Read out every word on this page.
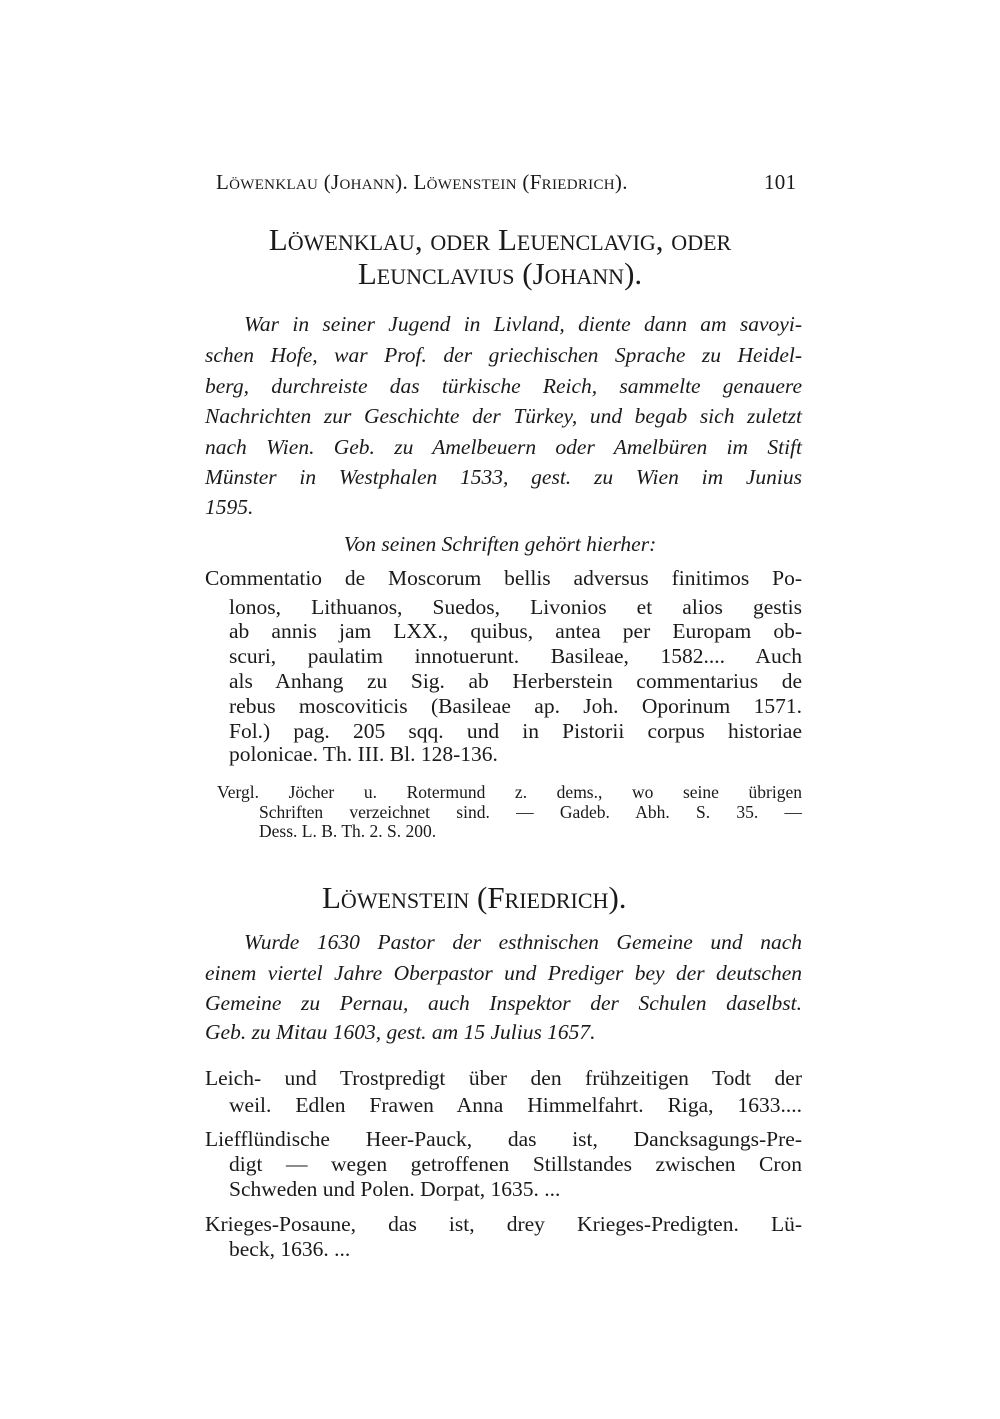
Löwenklau (Johann). Löwenstein (Friedrich).	101
Löwenklau, oder Leuenclavig, oder
Leunclavius (Johann).
War in seiner Jugend in Livland, diente dann am savoyi-
schen Hofe, war Prof. der griechischen Sprache zu Heidel-
berg, durchreiste das türkische Reich, sammelte genauere
Nachrichten zur Geschichte der Türkey, und begab sich zuletzt
nach Wien. Geb. zu Amelbeuern oder Amelbüren im Stift
Münster in Westphalen 1533, gest. zu Wien im Junius
1595.
Von seinen Schriften gehört hierher:
Commentatio de Moscorum bellis adversus finitimos Po-
lonos, Lithuanos, Suedos, Livonios et alios gestis
ab annis jam LXX., quibus, antea per Europam ob-
scuri, paulatim innotuerunt. Basileae, 1582.... Auch
als Anhang zu Sig. ab Herberstein commentarius de
rebus moscoviticis (Basileae ap. Joh. Oporinum 1571.
Fol.) pag. 205 sqq. und in Pistorii corpus historiae
polonicae. Th. III. Bl. 128-136.
Vergl. Jöcher u. Rotermund z. dems., wo seine übrigen
Schriften verzeichnet sind. — Gadeb. Abh. S. 35. —
Dess. L. B. Th. 2. S. 200.
Löwenstein (Friedrich).
Wurde 1630 Pastor der esthnischen Gemeine und nach
einem viertel Jahre Oberpastor und Prediger bey der deutschen
Gemeine zu Pernau, auch Inspektor der Schulen daselbst.
Geb. zu Mitau 1603, gest. am 15 Julius 1657.
Leich- und Trostpredigt über den frühzeitigen Todt der
weil. Edlen Frawen Anna Himmelfahrt. Riga, 1633....
Liefflündische Heer-Pauck, das ist, Dancksagungs-Pre-
digt — wegen getroffenen Stillstandes zwischen Cron
Schweden und Polen. Dorpat, 1635. ...
Krieges-Posaune, das ist, drey Krieges-Predigten. Lü-
beck, 1636. ...
